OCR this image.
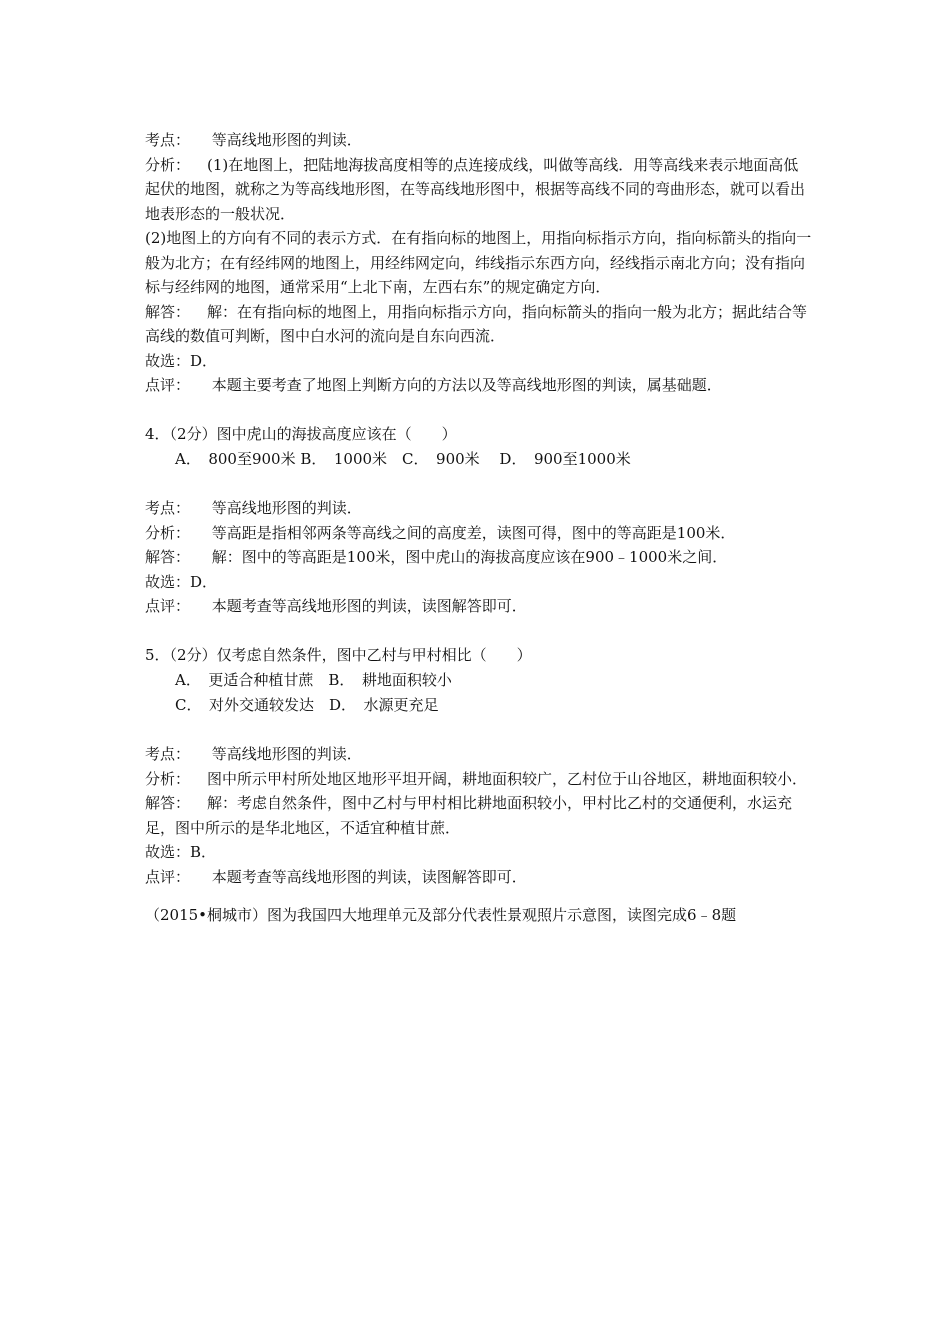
考点： 等高线地形图的判读．
分析： (1)在地图上，把陆地海拔高度相等的点连接成线，叫做等高线．用等高线来表示地面高低起伏的地图，就称之为等高线地形图，在等高线地形图中，根据等高线不同的弯曲形态，就可以看出地表形态的一般状况．
(2)地图上的方向有不同的表示方式．在有指向标的地图上，用指向标指示方向，指向标箭头的指向一般为北方；在有经纬网的地图上，用经纬网定向，纬线指示东西方向，经线指示南北方向；没有指向标与经纬网的地图，通常采用“上北下南，左西右东”的规定确定方向．
解答： 解：在有指向标的地图上，用指向标指示方向，指向标箭头的指向一般为北方；据此结合等高线的数值可判断，图中白水河的流向是自东向西流．
故选：D．
点评： 本题主要考查了地图上判断方向的方法以及等高线地形图的判读，属基础题．
4．（2分）图中虎山的海拔高度应该在（　　）
A．　800至900米 B．　1000米　C．　900米　 D．　900至1000米
考点： 等高线地形图的判读．
分析： 等高距是指相邻两条等高线之间的高度差，读图可得，图中的等高距是100米．
解答： 解：图中的等高距是100米，图中虎山的海拔高度应该在900﹣1000米之间．
故选：D．
点评： 本题考查等高线地形图的判读，读图解答即可．
5．（2分）仅考虑自然条件，图中乙村与甲村相比（　　）
A．　更适合种植甘蔗　B．　耕地面积较小
C．　对外交通较发达　D．　水源更充足
考点： 等高线地形图的判读．
分析： 图中所示甲村所处地区地形平坦开阔，耕地面积较广，乙村位于山谷地区，耕地面积较小．
解答： 解：考虑自然条件，图中乙村与甲村相比耕地面积较小，甲村比乙村的交通便利，水运充足，图中所示的是华北地区，不适宜种植甘蔗．
故选：B．
点评： 本题考查等高线地形图的判读，读图解答即可．
（2015•桐城市）图为我国四大地理单元及部分代表性景观照片示意图，读图完成6﹣8题
